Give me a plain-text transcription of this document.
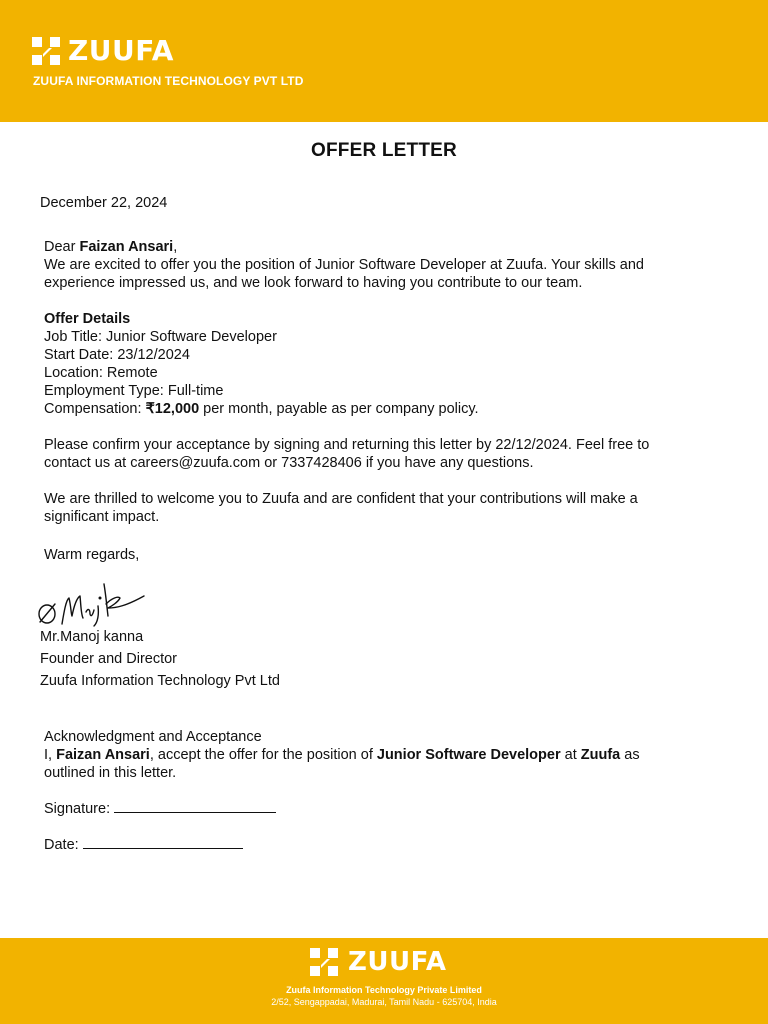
ZUUFA
ZUUFA INFORMATION TECHNOLOGY PVT LTD
OFFER LETTER
December 22, 2024
Dear Faizan Ansari,
We are excited to offer you the position of Junior Software Developer at Zuufa. Your skills and
experience impressed us, and we look forward to having you contribute to our team.
Offer Details
Job Title: Junior Software Developer
Start Date: 23/12/2024
Location: Remote
Employment Type: Full-time
Compensation: ₹12,000 per month, payable as per company policy.
Please confirm your acceptance by signing and returning this letter by 22/12/2024. Feel free to
contact us at careers@zuufa.com or 7337428406 if you have any questions.
We are thrilled to welcome you to Zuufa and are confident that your contributions will make a
significant impact.
Warm regards,
Mr.Manoj kanna
Founder and Director
Zuufa Information Technology Pvt Ltd
Acknowledgment and Acceptance
I, Faizan Ansari, accept the offer for the position of Junior Software Developer at Zuufa as
outlined in this letter.
Signature:
Date:
ZUUFA
Zuufa Information Technology Private Limited
2/52, Sengappadai, Madurai, Tamil Nadu - 625704, India
